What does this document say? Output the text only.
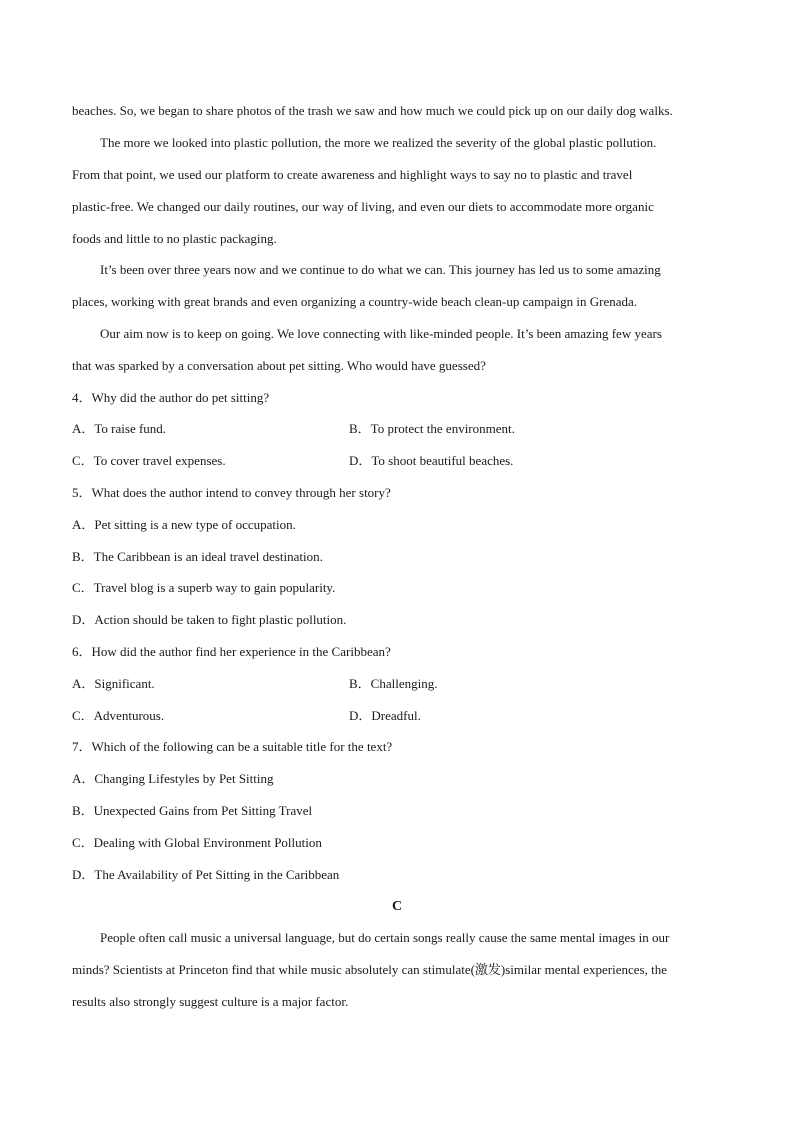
beaches. So, we began to share photos of the trash we saw and how much we could pick up on our daily dog walks.
The more we looked into plastic pollution, the more we realized the severity of the global plastic pollution.
From that point, we used our platform to create awareness and highlight ways to say no to plastic and travel
plastic-free. We changed our daily routines, our way of living, and even our diets to accommodate more organic
foods and little to no plastic packaging.
It’s been over three years now and we continue to do what we can. This journey has led us to some amazing
places, working with great brands and even organizing a country-wide beach clean-up campaign in Grenada.
Our aim now is to keep on going. We love connecting with like-minded people. It’s been amazing few years
that was sparked by a conversation about pet sitting. Who would have guessed?
4．Why did the author do pet sitting?
A．To raise fund.	B．To protect the environment.
C．To cover travel expenses.	D．To shoot beautiful beaches.
5．What does the author intend to convey through her story?
A．Pet sitting is a new type of occupation.
B．The Caribbean is an ideal travel destination.
C．Travel blog is a superb way to gain popularity.
D．Action should be taken to fight plastic pollution.
6．How did the author find her experience in the Caribbean?
A．Significant.	B．Challenging.
C．Adventurous.	D．Dreadful.
7．Which of the following can be a suitable title for the text?
A．Changing Lifestyles by Pet Sitting
B．Unexpected Gains from Pet Sitting Travel
C．Dealing with Global Environment Pollution
D．The Availability of Pet Sitting in the Caribbean
C
People often call music a universal language, but do certain songs really cause the same mental images in our
minds? Scientists at Princeton find that while music absolutely can stimulate(激发)similar mental experiences, the
results also strongly suggest culture is a major factor.
